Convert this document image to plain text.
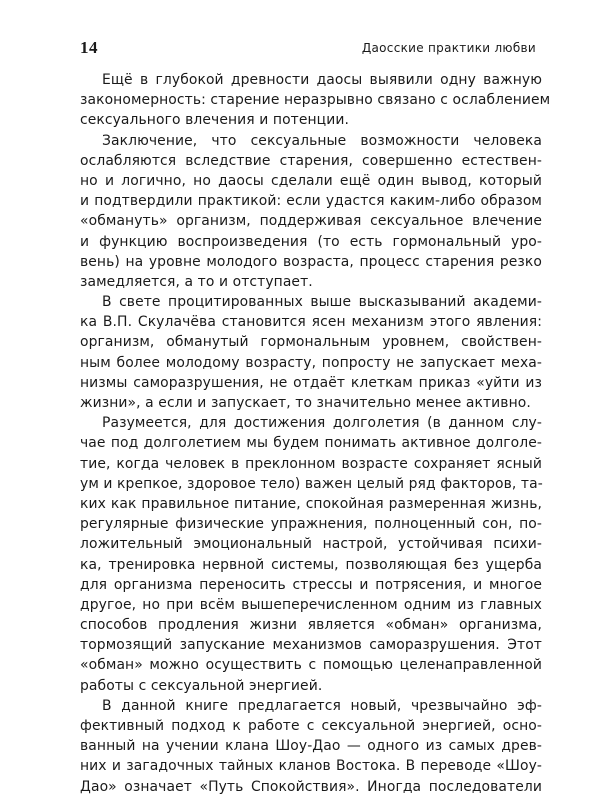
14	Даосские практики любви
Ещё в глубокой древности даосы выявили одну важную
закономерность: старение неразрывно связано с ослаблением
сексуального влечения и потенции.
Заключение, что сексуальные возможности человека
ослабляются вследствие старения, совершенно естествен-
но и логично, но даосы сделали ещё один вывод, который
и подтвердили практикой: если удастся каким-либо образом
«обмануть» организм, поддерживая сексуальное влечение
и функцию воспроизведения (то есть гормональный уро-
вень) на уровне молодого возраста, процесс старения резко
замедляется, а то и отступает.
В свете процитированных выше высказываний академи-
ка В.П. Скулачёва становится ясен механизм этого явления:
организм, обманутый гормональным уровнем, свойствен-
ным более молодому возрасту, попросту не запускает меха-
низмы саморазрушения, не отдаёт клеткам приказ «уйти из
жизни», а если и запускает, то значительно менее активно.
Разумеется, для достижения долголетия (в данном слу-
чае под долголетием мы будем понимать активное долголе-
тие, когда человек в преклонном возрасте сохраняет ясный
ум и крепкое, здоровое тело) важен целый ряд факторов, та-
ких как правильное питание, спокойная размеренная жизнь,
регулярные физические упражнения, полноценный сон, по-
ложительный эмоциональный настрой, устойчивая психи-
ка, тренировка нервной системы, позволяющая без ущерба
для организма переносить стрессы и потрясения, и многое
другое, но при всём вышеперечисленном одним из главных
способов продления жизни является «обман» организма,
тормозящий запускание механизмов саморазрушения. Этот
«обман» можно осуществить с помощью целенаправленной
работы с сексуальной энергией.
В данной книге предлагается новый, чрезвычайно эф-
фективный подход к работе с сексуальной энергией, осно-
ванный на учении клана Шоу-Дао — одного из самых древ-
них и загадочных тайных кланов Востока. В переводе «Шоу-
Дао» означает «Путь Спокойствия». Иногда последователи
